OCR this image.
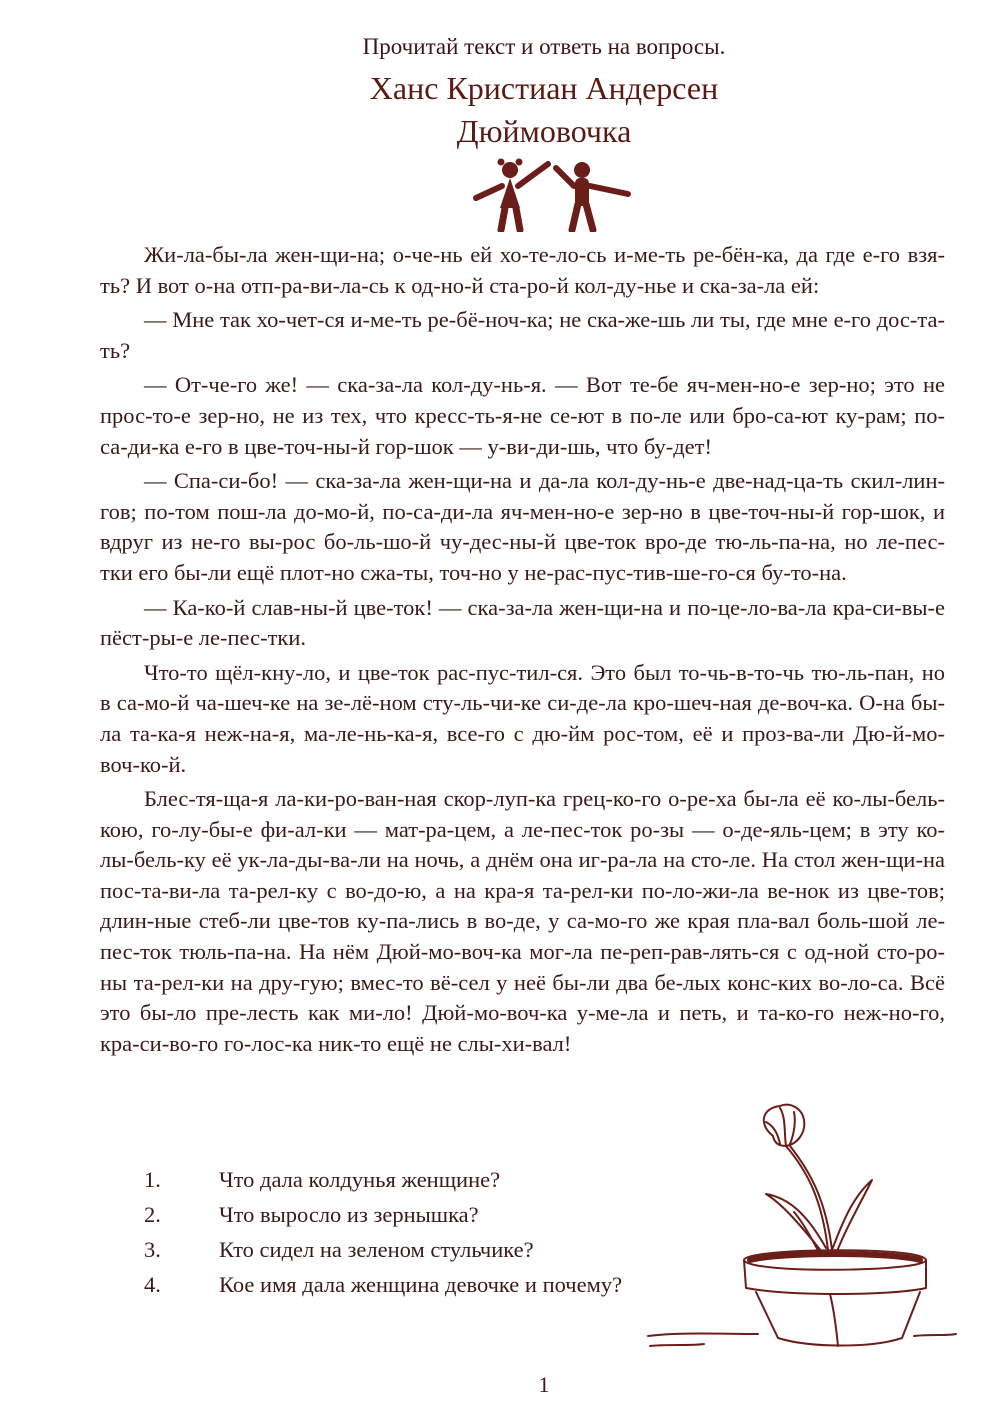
Прочитай текст и ответь на вопросы.
Ханс Кристиан Андерсен
Дюймовочка

Жи-ла-бы-ла жен-щи-на; о-че-нь ей хо-те-ло-сь и-ме-ть ре-бён-ка, да где е-го взя-ть? И вот о-на отп-ра-ви-ла-сь к од-но-й ста-ро-й кол-ду-нье и ска-за-ла ей:

— Мне так хо-чет-ся и-ме-ть ре-бё-ноч-ка; не ска-же-шь ли ты, где мне е-го дос-та-ть?

— От-че-го же! — ска-за-ла кол-ду-нь-я. — Вот те-бе яч-мен-но-е зер-но; это не прос-то-е зер-но, не из тех, что кресс-ть-я-не се-ют в по-ле или бро-са-ют ку-рам; по-са-ди-ка е-го в цве-точ-ны-й гор-шок — у-ви-ди-шь, что бу-дет!

— Спа-си-бо! — ска-за-ла жен-щи-на и да-ла кол-ду-нь-е две-над-ца-ть скил-лин-гов; по-том пош-ла до-мо-й, по-са-ди-ла яч-мен-но-е зер-но в цве-точ-ны-й гор-шок, и вдруг из не-го вы-рос бо-ль-шо-й чу-дес-ны-й цве-ток вро-де тю-ль-па-на, но ле-пес-тки его бы-ли ещё плот-но сжа-ты, точ-но у не-рас-пус-тив-ше-го-ся бу-то-на.

— Ка-ко-й слав-ны-й цве-ток! — ска-за-ла жен-щи-на и по-це-ло-ва-ла кра-си-вы-е пёст-ры-е ле-пес-тки.

Что-то щёл-кну-ло, и цве-ток рас-пус-тил-ся. Это был то-чь-в-то-чь тю-ль-пан, но в са-мо-й ча-шеч-ке на зе-лё-ном сту-ль-чи-ке си-де-ла кро-шеч-ная де-воч-ка. О-на бы-ла та-ка-я неж-на-я, ма-ле-нь-ка-я, все-го с дю-йм рос-том, её и проз-ва-ли Дю-й-мо-воч-ко-й.

Блес-тя-ща-я ла-ки-ро-ван-ная скор-луп-ка грец-ко-го о-ре-ха бы-ла её ко-лы-бель-кою, го-лу-бы-е фи-ал-ки — мат-ра-цем, а ле-пес-ток ро-зы — о-де-яль-цем; в эту ко-лы-бель-ку её ук-ла-ды-ва-ли на ночь, а днём она иг-ра-ла на сто-ле. На стол жен-щи-на пос-та-ви-ла та-рел-ку с во-до-ю, а на кра-я та-рел-ки по-ло-жи-ла ве-нок из цве-тов; длин-ные стеб-ли цве-тов ку-па-лись в во-де, у са-мо-го же края пла-вал боль-шой ле-пес-ток тюль-па-на. На нём Дюй-мо-воч-ка мог-ла пе-реп-рав-лять-ся с од-ной сто-ро-ны та-рел-ки на дру-гую; вмес-то вё-сел у неё бы-ли два бе-лых конс-ких во-ло-са. Всё это бы-ло пре-лесть как ми-ло! Дюй-мо-воч-ка у-ме-ла и петь, и та-ко-го неж-но-го, кра-си-во-го го-лос-ка ник-то ещё не слы-хи-вал!

1.	Что дала колдунья женщине?
2.	Что выросло из зернышка?
3.	Кто сидел на зеленом стульчике?
4.	Кое имя дала женщина девочке и почему?
1
